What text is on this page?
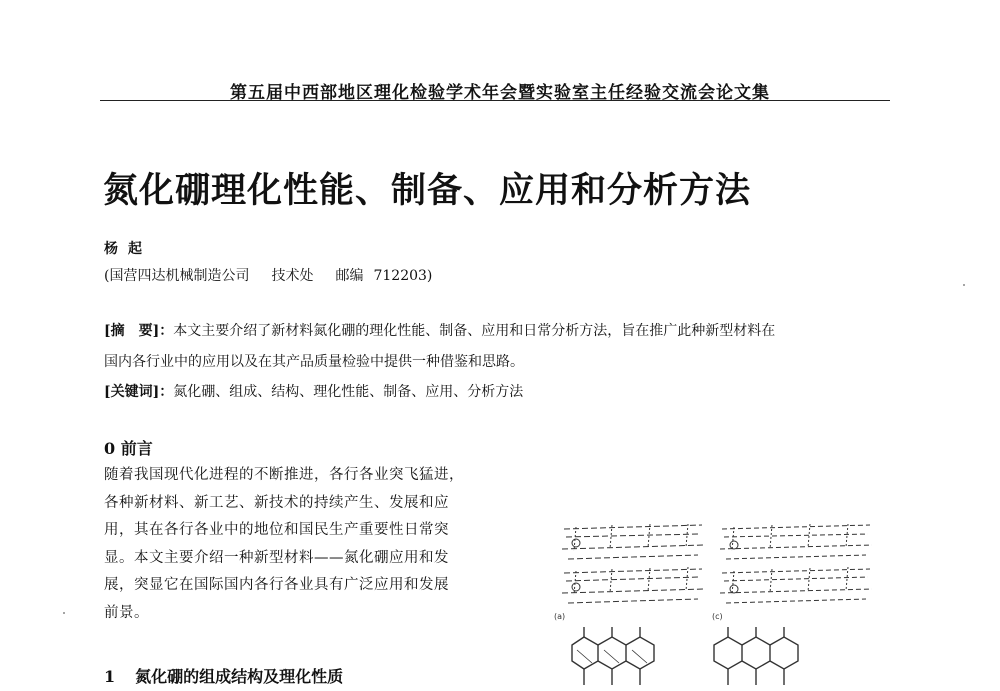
第五届中西部地区理化检验学术年会暨实验室主任经验交流会论文集
氮化硼理化性能、制备、应用和分析方法
杨起
(国营四达机械制造公司 技术处 邮编 712203)
[摘　要]：本文主要介绍了新材料氮化硼的理化性能、制备、应用和日常分析方法，旨在推广此种新型材料在
国内各行业中的应用以及在其产品质量检验中提供一种借鉴和思路。
[关键词]：氮化硼、组成、结构、理化性能、制备、应用、分析方法
0 前言
随着我国现代化进程的不断推进，各行各业突飞猛进，
各种新材料、新工艺、新技术的持续产生、发展和应
用，其在各行各业中的地位和国民生产重要性日常突
显。本文主要介绍一种新型材料——氮化硼应用和发
展，突显它在国际国内各行各业具有广泛应用和发展
前景。
1 氮化硼的组成结构及理化性质
(a)	(c)
